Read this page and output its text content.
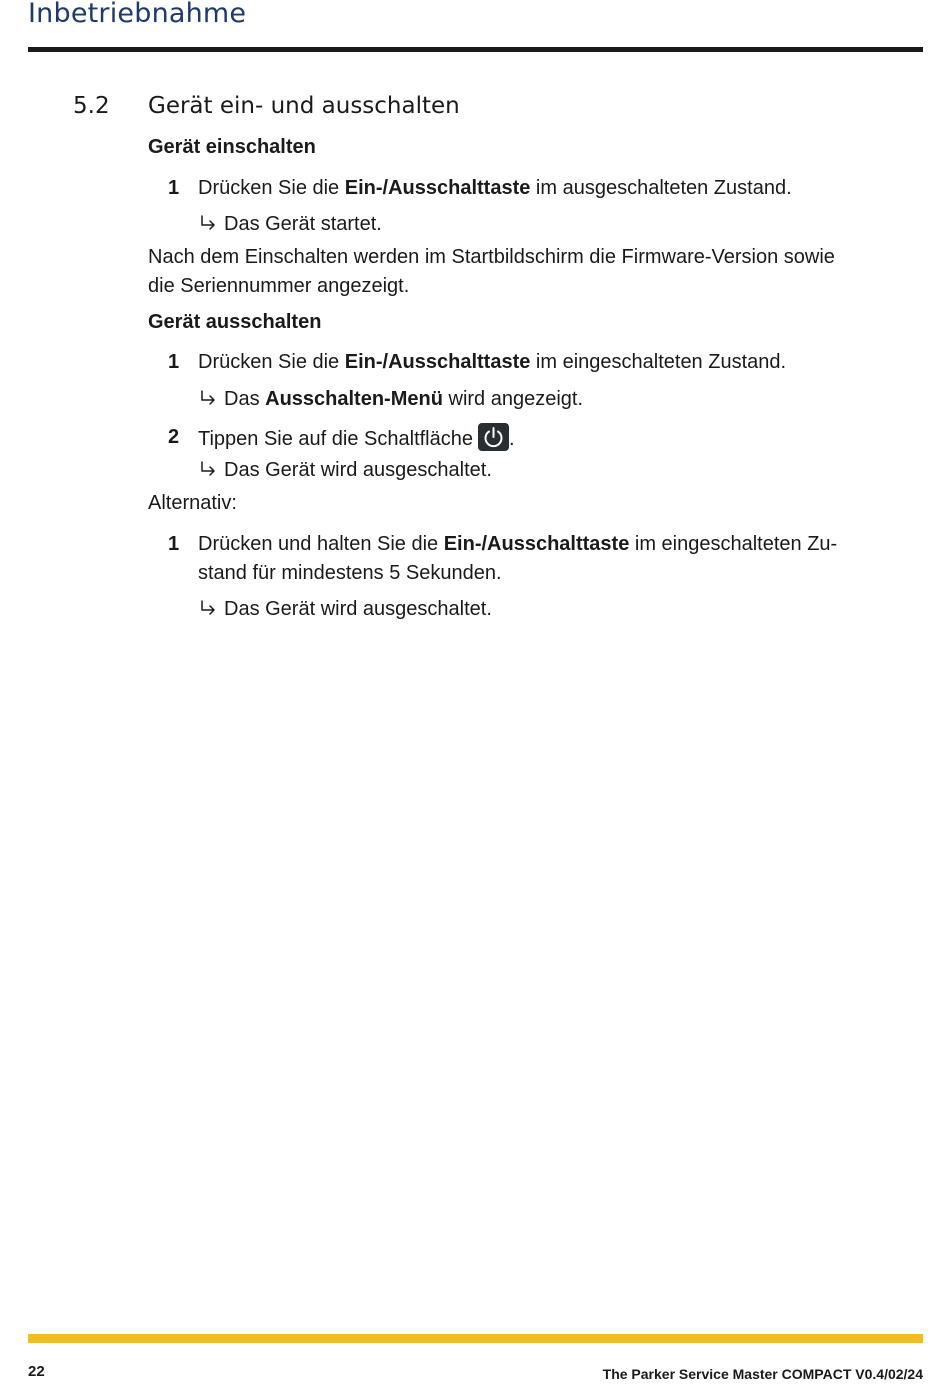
Inbetriebnahme
5.2 Gerät ein- und ausschalten
Gerät einschalten
1 Drücken Sie die Ein-/Ausschalttaste im ausgeschalteten Zustand.
Das Gerät startet.
Nach dem Einschalten werden im Startbildschirm die Firmware-Version sowie
die Seriennummer angezeigt.
Gerät ausschalten
1 Drücken Sie die Ein-/Ausschalttaste im eingeschalteten Zustand.
Das Ausschalten-Menü wird angezeigt.
2 Tippen Sie auf die Schaltfläche .
Das Gerät wird ausgeschaltet.
Alternativ:
1 Drücken und halten Sie die Ein-/Ausschalttaste im eingeschalteten Zu-
stand für mindestens 5 Sekunden.
Das Gerät wird ausgeschaltet.
22	The Parker Service Master COMPACT V0.4/02/24
